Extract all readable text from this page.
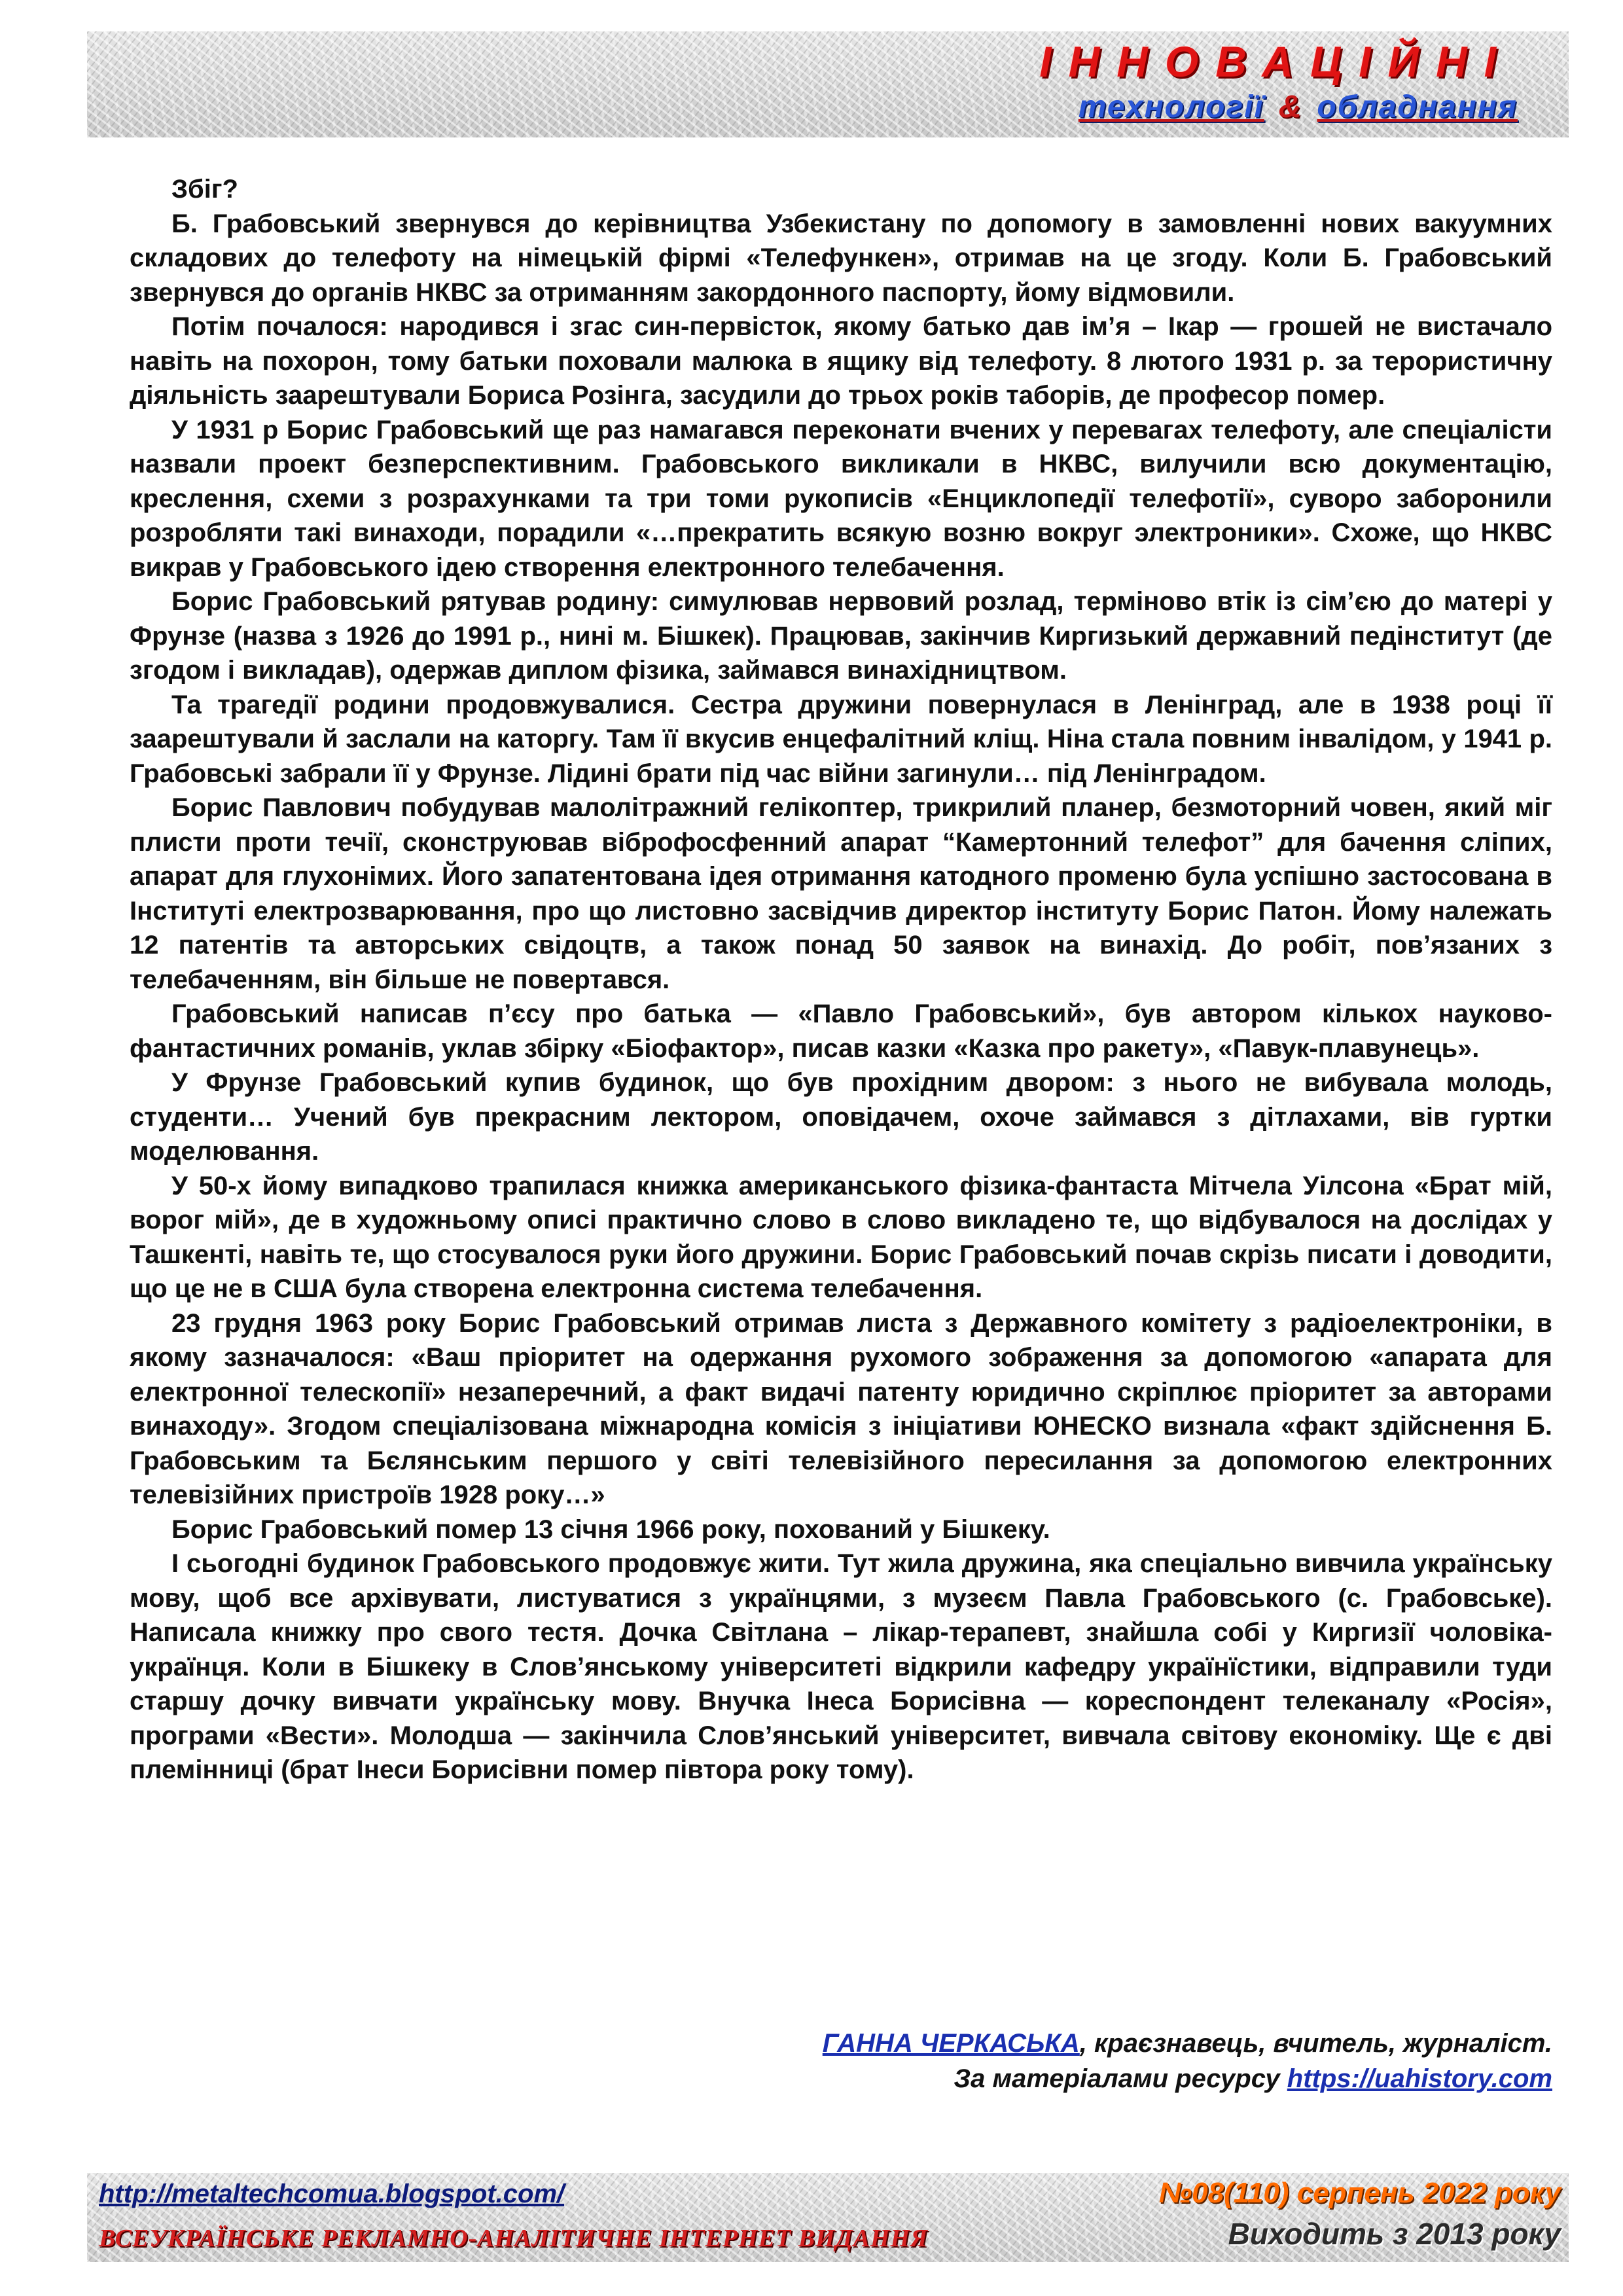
ІННОВАЦІЙНІ
технології & обладнання

Збіг?

Б. Грабовський звернувся до керівництва Узбекистану по допомогу в замовленні нових вакуумних складових до телефоту на німецькій фірмі «Телефункен», отримав на це згоду. Коли Б. Грабовський звернувся до органів НКВС за отриманням закордонного паспорту, йому відмовили.

Потім почалося: народився і згас син-первісток, якому батько дав ім’я – Ікар — грошей не вистачало навіть на похорон, тому батьки поховали малюка в ящику від телефоту. 8 лютого 1931 р. за терористичну діяльність заарештували Бориса Розінга, засудили до трьох років таборів, де професор помер.

У 1931 р Борис Грабовський ще раз намагався переконати вчених у перевагах телефоту, але спеціалісти назвали проект безперспективним. Грабовського викликали в НКВС, вилучили всю документацію, креслення, схеми з розрахунками та три томи рукописів «Енциклопедії телефотії», суворо заборонили розробляти такі винаходи, порадили «…прекратить всякую возню вокруг электроники». Схоже, що НКВС викрав у Грабовського ідею створення електронного телебачення.

Борис Грабовський рятував родину: симулював нервовий розлад, терміново втік із сім’єю до матері у Фрунзе (назва з 1926 до 1991 р., нині м. Бішкек). Працював, закінчив Киргизький державний педінститут (де згодом і викладав), одержав диплом фізика, займався винахідництвом.

Та трагедії родини продовжувалися. Сестра дружини повернулася в Ленінград, але в 1938 році її заарештували й заслали на каторгу. Там її вкусив енцефалітний кліщ. Ніна стала повним інвалідом, у 1941 р. Грабовські забрали її у Фрунзе. Лідині брати під час війни загинули… під Ленінградом.

Борис Павлович побудував малолітражний гелікоптер, трикрилий планер, безмоторний човен, який міг плисти проти течії, сконструював віброфосфенний апарат “Камертонний телефот” для бачення сліпих, апарат для глухонімих. Його запатентована ідея отримання катодного променю була успішно застосована в Інституті електрозварювання, про що листовно засвідчив директор інституту Борис Патон. Йому належать 12 патентів та авторських свідоцтв, а також понад 50 заявок на винахід. До робіт, пов’язаних з телебаченням, він більше не повертався.

Грабовський написав п’єсу про батька — «Павло Грабовський», був автором кількох науково-фантастичних романів, уклав збірку «Біофактор», писав казки «Казка про ракету», «Павук-плавунець».

У Фрунзе Грабовський купив будинок, що був прохідним двором: з нього не вибувала молодь, студенти… Учений був прекрасним лектором, оповідачем, охоче займався з дітлахами, вів гуртки моделювання.

У 50-х йому випадково трапилася книжка американського фізика-фантаста Мітчела Уілсона «Брат мій, ворог мій», де в художньому описі практично слово в слово викладено те, що відбувалося на дослідах у Ташкенті, навіть те, що стосувалося руки його дружини. Борис Грабовський почав скрізь писати і доводити, що це не в США була створена електронна система телебачення.

23 грудня 1963 року Борис Грабовський отримав листа з Державного комітету з радіоелектроніки, в якому зазначалося: «Ваш пріоритет на одержання рухомого зображення за допомогою «апарата для електронної телескопії» незаперечний, а факт видачі патенту юридично скріплює пріоритет за авторами винаходу». Згодом спеціалізована міжнародна комісія з ініціативи ЮНЕСКО визнала «факт здійснення Б. Грабовським та Бєлянським першого у світі телевізійного пересилання за допомогою електронних телевізійних пристроїв 1928 року…»

Борис Грабовський помер 13 січня 1966 року, похований у Бішкеку.

І сьогодні будинок Грабовського продовжує жити. Тут жила дружина, яка спеціально вивчила українську мову, щоб все архівувати, листуватися з українцями, з музеєм Павла Грабовського (с. Грабовське). Написала книжку про свого тестя. Дочка Світлана – лікар-терапевт, знайшла собі у Киргизії чоловіка-українця. Коли в Бішкеку в Слов’янському університеті відкрили кафедру українїстики, відправили туди старшу дочку вивчати українську мову. Внучка Інеса Борисівна — кореспондент телеканалу «Росія», програми «Вести». Молодша — закінчила Слов’янський університет, вивчала світову економіку. Ще є дві племінниці (брат Інеси Борисівни помер півтора року тому).

ГАННА ЧЕРКАСЬКА, краєзнавець, вчитель, журналіст.
За матеріалами ресурсу https://uahistory.com
http://metaltechcomua.blogspot.com/
ВСЕУКРАЇНСЬКЕ РЕКЛАМНО-АНАЛІТИЧНЕ ІНТЕРНЕТ ВИДАННЯ
№08(110) серпень 2022 року
Виходить з 2013 року
